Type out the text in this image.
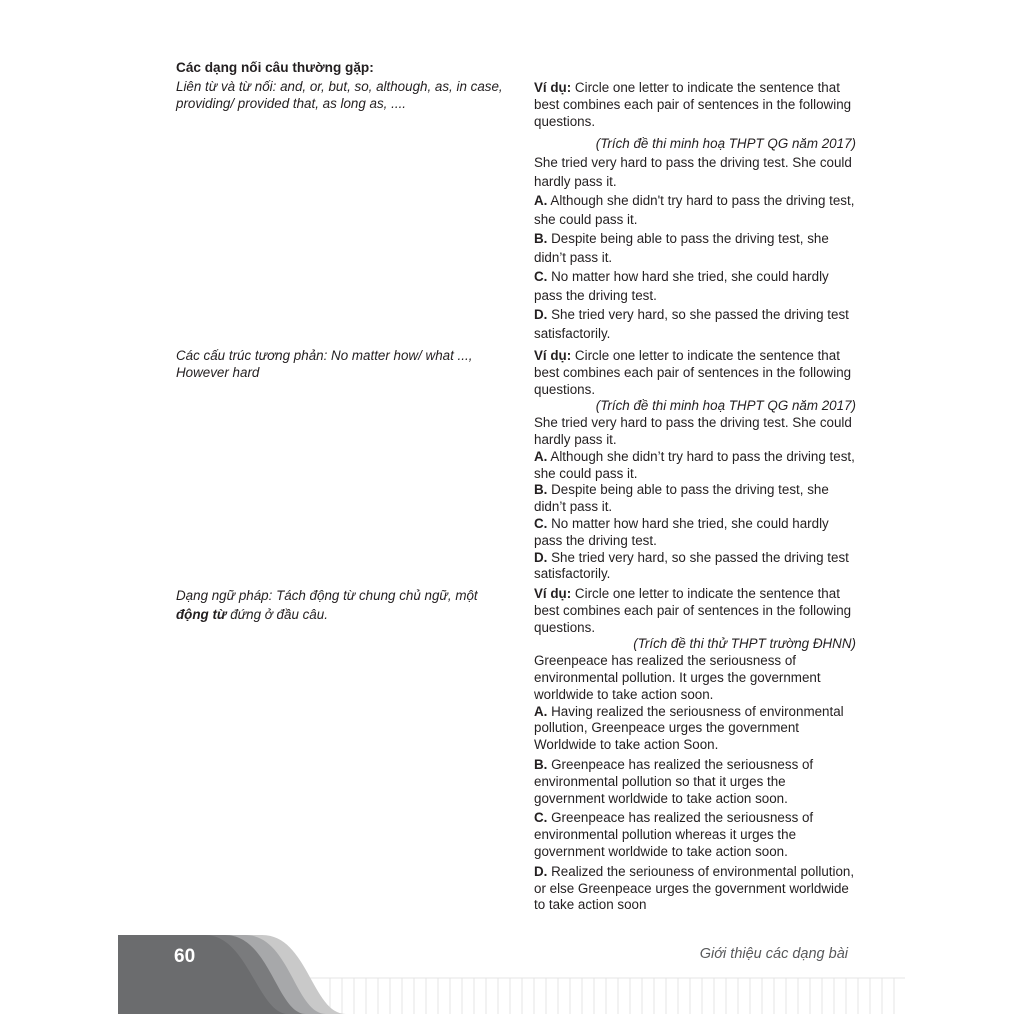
Các dạng nối câu thường gặp:
Liên từ và từ nối: and, or, but, so, although, as, in case, providing/ provided that, as long as, ....

Ví dụ: Circle one letter to indicate the sentence that best combines each pair of sentences in the following questions.

(Trích đề thi minh hoạ THPT QG năm 2017)

She tried very hard to pass the driving test. She could hardly pass it.

A. Although she didn't try hard to pass the driving test, she could pass it.

B. Despite being able to pass the driving test, she didn’t pass it.

C. No matter how hard she tried, she could hardly pass the driving test.

D. She tried very hard, so she passed the driving test satisfactorily.

Các cấu trúc tương phản: No matter how/ what ..., However hard

Ví dụ: Circle one letter to indicate the sentence that best combines each pair of sentences in the following questions.

(Trích đề thi minh hoạ THPT QG năm 2017)

She tried very hard to pass the driving test. She could hardly pass it.

A. Although she didn’t try hard to pass the driving test, she could pass it.

B. Despite being able to pass the driving test, she didn’t pass it.

C. No matter how hard she tried, she could hardly pass the driving test.

D. She tried very hard, so she passed the driving test satisfactorily.

Dạng ngữ pháp: Tách động từ chung chủ ngữ, một động từ đứng ở đầu câu.

Ví dụ: Circle one letter to indicate the sentence that best combines each pair of sentences in the following questions.

(Trích đề thi thử THPT trường ĐHNN)

Greenpeace has realized the seriousness of environmental pollution. It urges the government worldwide to take action soon.

A. Having realized the seriousness of environmental pollution, Greenpeace urges the government Worldwide to take action Soon.

B. Greenpeace has realized the seriousness of environmental pollution so that it urges the government worldwide to take action soon.

C. Greenpeace has realized the seriousness of environmental pollution whereas it urges the government worldwide to take action soon.

D. Realized the seriouness of environmental pollution, or else Greenpeace urges the government worldwide to take action soon

60	Giới thiệu các dạng bài
